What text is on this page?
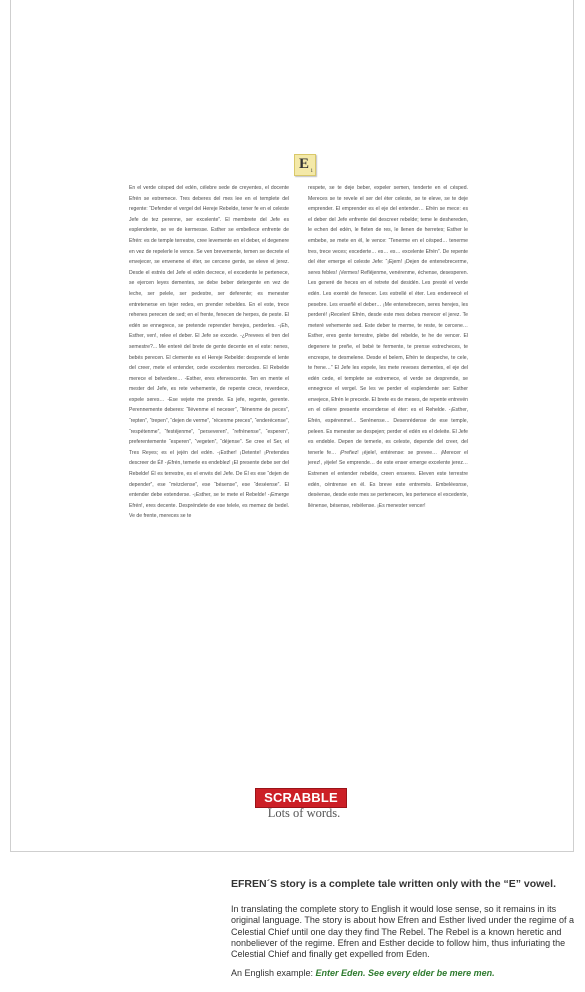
E 1
En el verde césped del edén, célebre sede de creyentes, el docente Efrén se estremece. Tres deberes del mes lee en el templete del regente: “Defender el vergel del Hereje Rebelde, tener fe en el celeste Jefe de tez perenne, ser excelente”. El membrete del Jefe es esplendente, se ve de kermesse. Esther se embellece enfrente de Efrén: es de temple terrestre, cree levemente en el deber, el degenere en vez de repelerle le vence. Se ven brevemente, temen se decrete el envejecer, se envenene el éter, se cercene gente, se eleve el jerez. Desde el estrés del Jefe el edén decrece, el excedente le pertenece, se ejercen leyes dementes, se debe beber detergente en vez de leche, ser pelele, ser pedestre, ser deferente; es menester entretenerse en tejer redes, en prender rebeldes. En el este, trece rehenes perecen de sed; en el frente, fenecen de herpes, de peste. El edén se ennegrece, se pretende reprender herejes, perderles. -¡Eh, Esther, ven!, relee el deber. El Jefe se excede. -¿Prevees el tren del semestre?... Me enteré del brete de gente decente en el este: nenes, bebés perecen. El clemente es el Hereje Rebelde: desprende el lente del creer, mete el entender, cede excelentes mercedes. El Rebelde merece el belvedere… -Esther, eres efervescente. Ten en mente el mester del Jefe, es rete vehemente, de repente crece, reverdece, expele seres… -Ese vejete me prende. Es jefe, regente, gerente. Perennemente deberes: “llévenme el neceser”, “llénenme de peces”, “repten”, “trepen”, “dejen de verme”, “récenme preces”, “enderécense”, “respétenme”, “festéjenme”, “perseveren”, “refrénense”, “esperen”, preferentemente “esperen”, “vegeten”, “déjense”. Se cree el Ser, el Tres Reyes; es el jején del edén. -¡Esther! ¡Detente! ¡Pretendes descreer de Él! -¡Efrén, temerle es endeblez! ¡El presente debe ser del Rebelde! Él es terrestre, es el envés del Jefe. De Él es ese “dejen de depender”, ese “mézclense”, ese “bésense”, ese “deséense”. El entender debe extenderse. -¡Esther, se te mete el Rebelde! -¡Emerge Efrén!, eres decente. Despréndete de ese telele, es memez de bedel. Ve de frente, mereces se te
respete, se te deje beber, expeler semen, tenderte en el césped. Mereces se te revele el ser del éter celeste, se te eleve, se te deje emprender. El emprender es el eje del entender… Efrén se mece: es el deber del Jefe enfrente del descreer rebelde; teme le deshereden, le echen del edén, le fleten de res, le llenen de herretes; Esther le embebe, se mete en él, le vence: “Tenerme en el césped… tenerme tres, trece veces; excederte… es… es… excelente Efrén”. De repente del éter emerge el celeste Jefe: “¡Ejem! ¡Dejen de entenebrecerme, seres febles! ¡Vermes! Refléjenme, venérenme, échense, desesperen. Les generé de heces en el retrete del desidén. Les presté el verde edén. Les exenté de fenecer. Les estrellé el éter. Les endereecé el pesebre. Les enseñé el deber… ¡Me entenebrecen, seres herejes, les perderé! ¡Recelen! Efrén, desde este mes debes merecer el jerez. Te meteré vehemente sed. Este deber te merme, te reste, te cercene… Esther, eres gente terrestre, plebe del rebelde, te he de vencer. El degenere te preñe, el bebé te fermente, te prense estrecheces, te encrespe, te desmelene. Desde el belem, Efrén te despeche, te cele, te frene…” El Jefe les expele, les mete reveses dementes, el eje del edén cede, el templete se estremece, el verde se desprende, se ennegrece el vergel. Se les ve perder el esplendente ser: Esther envejece, Efrén le precede. El brete es de meses, de repente entrevén en el célere presente encenderse el éter: es el Rehelde. -¡Esther, Efrén, espérenme!... Serénense… Desenrédense de ese temple, peleen. Es menester se despejen; perder el edén es el deleite. El Jefe es endeble. Depen de temerle, es celeste, depende del creer, del tenerle fe… ¡Preñez! ¡éjele!, entérense: se prevee… ¡Merecer el jerez!, ¡éjele! Se emprende… de este enser emerge excelente jerez… Estrenen el entender rebelde, creen enseres. Eleven este terrestre edén, céntrense en él. Es breve este entremés. Embeléesnse, deséense, desde este mes se pertenecen, les pertenece el excedente, llénense, bésense, rebélense. ¡Es menester vencer!
SCRABBLE
Lots of words.

EFREN´S story is a complete tale written only with the “E” vowel.

In translating the complete story to English it would lose sense, so it remains in its original language. The story is about how Efren and Esther lived under the regime of a Celestial Chief until one day they find The Rebel. The Rebel is a known heretic and nonbeliever of the regime. Efren and Esther decide to follow him, thus infuriating the Celestial Chief and finally get expelled from Eden.

An English example: Enter Eden. See every elder be mere men.
